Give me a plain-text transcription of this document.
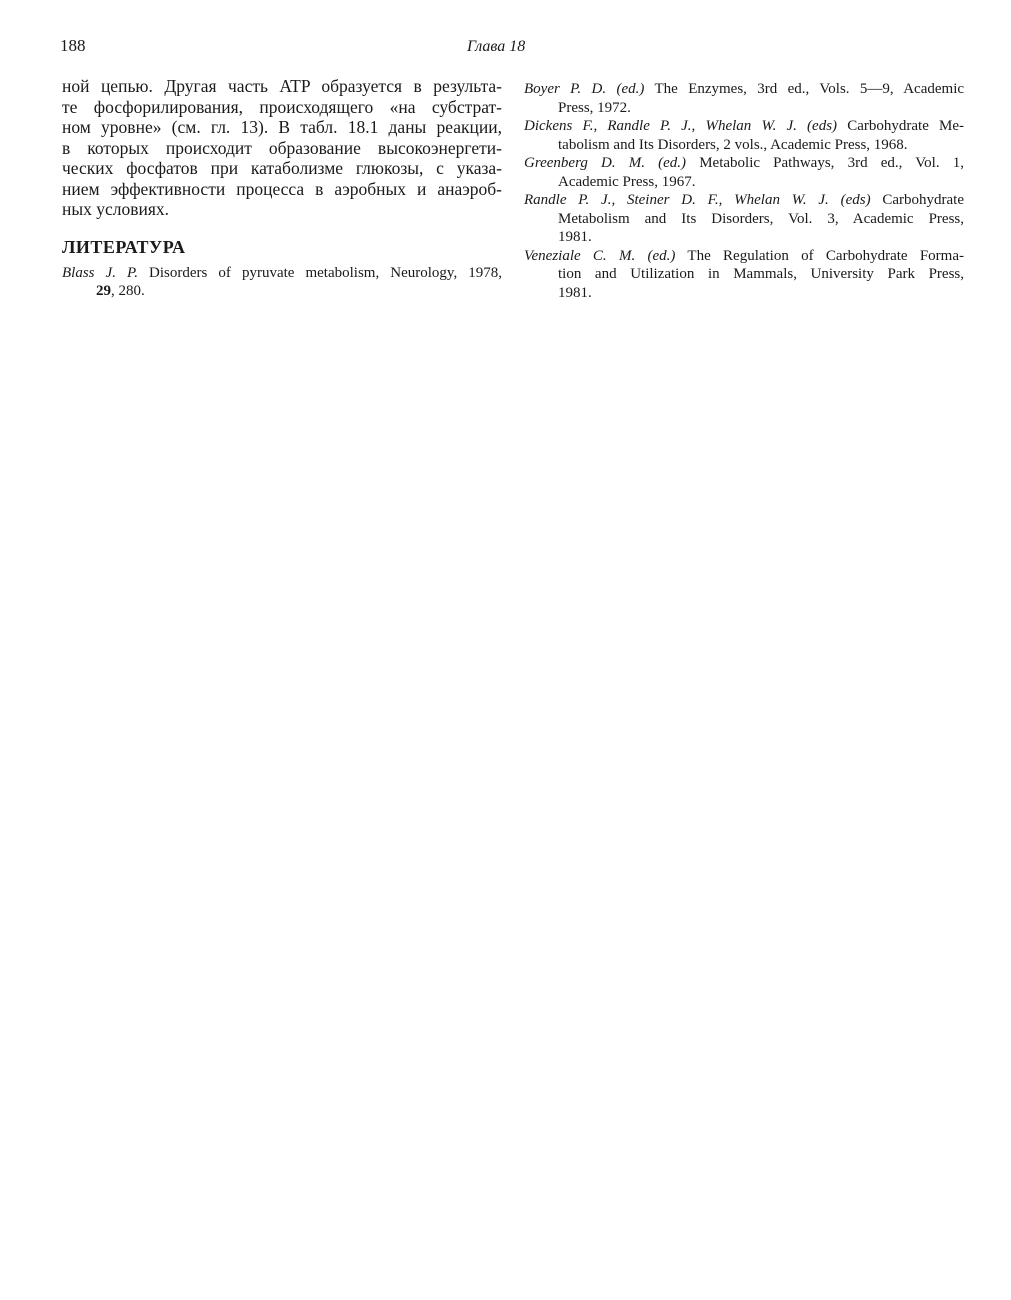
188	Глава 18
ной цепью. Другая часть ATP образуется в результа-
те фосфорилирования, происходящего «на субстрат-
ном уровне» (см. гл. 13). В табл. 18.1 даны реакции,
в которых происходит образование высокоэнергети-
ческих фосфатов при катаболизме глюкозы, с указа-
нием эффективности процесса в аэробных и анаэроб-
ных условиях.
ЛИТЕРАТУРА
Blass J. P. Disorders of pyruvate metabolism, Neurology, 1978,
29, 280.
Boyer P. D. (ed.) The Enzymes, 3rd ed., Vols. 5—9, Academic
Press, 1972.
Dickens F., Randle P. J., Whelan W. J. (eds) Carbohydrate Me-
tabolism and Its Disorders, 2 vols., Academic Press, 1968.
Greenberg D. M. (ed.) Metabolic Pathways, 3rd ed., Vol. 1,
Academic Press, 1967.
Randle P. J., Steiner D. F., Whelan W. J. (eds) Carbohydrate
Metabolism and Its Disorders, Vol. 3, Academic Press,
1981.
Veneziale C. M. (ed.) The Regulation of Carbohydrate Forma-
tion and Utilization in Mammals, University Park Press,
1981.
